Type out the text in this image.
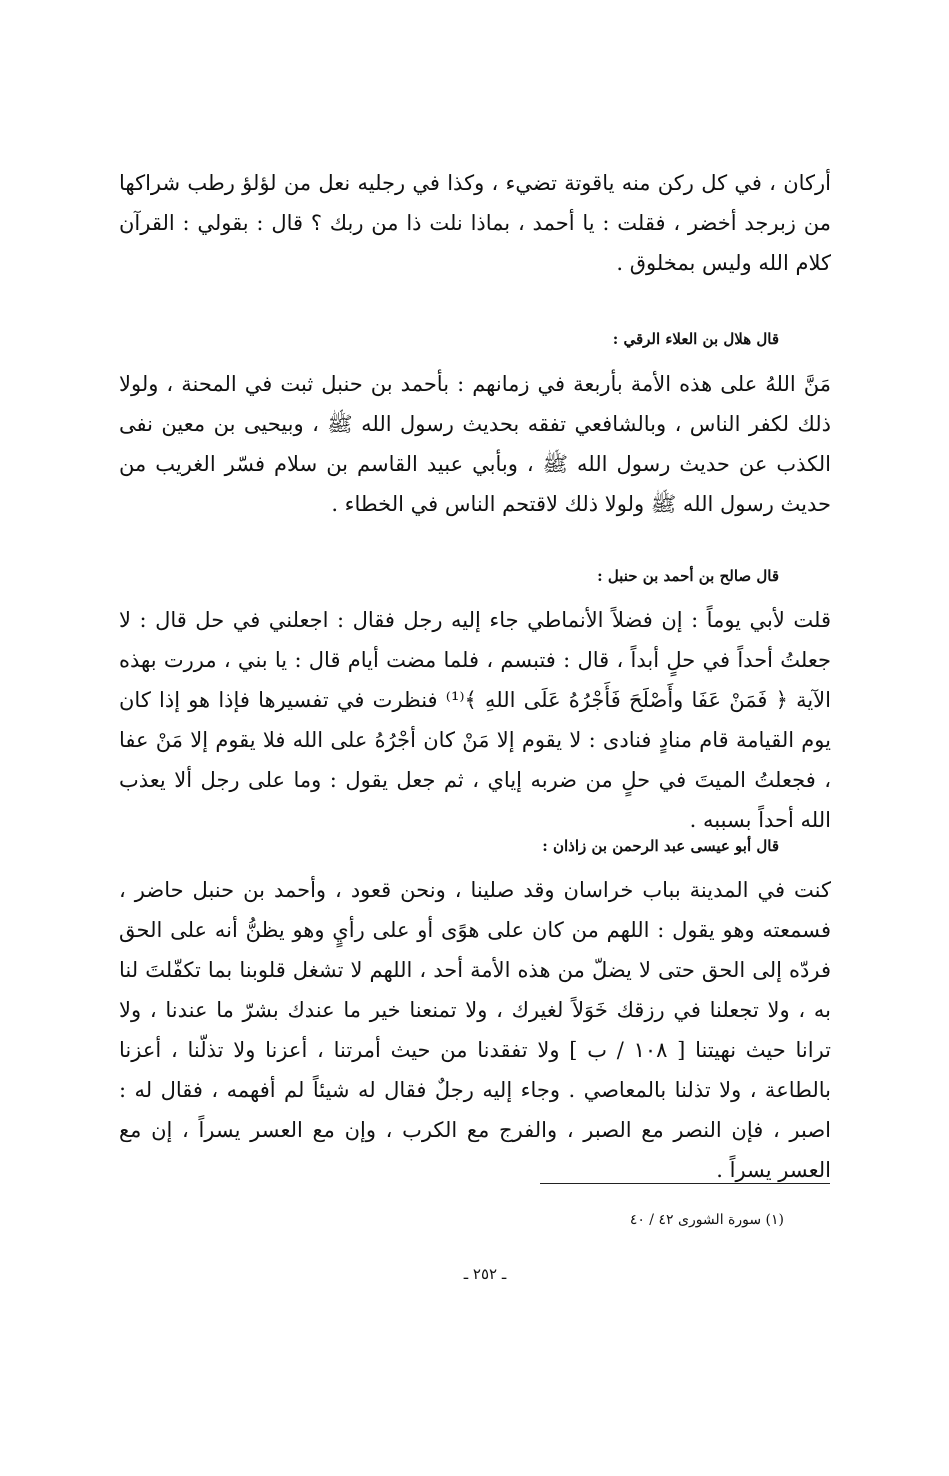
أركان ، في كل ركن منه ياقوتة تضيء ، وكذا في رجليه نعل من لؤلؤ رطب شراكها من زبرجد أخضر ، فقلت : يا أحمد ، بماذا نلت ذا من ربك ؟ قال : بقولي : القرآن كلام الله وليس بمخلوق .

قال هلال بن العلاء الرقي :

مَنَّ اللهُ على هذه الأمة بأربعة في زمانهم : بأحمد بن حنبل ثبت في المحنة ، ولولا ذلك لكفر الناس ، وبالشافعي تفقه بحديث رسول الله ﷺ ، وبيحيى بن معين نفى الكذب عن حديث رسول الله ﷺ ، وبأبي عبيد القاسم بن سلام فسّر الغريب من حديث رسول الله ﷺ ولولا ذلك لاقتحم الناس في الخطاء .

قال صالح بن أحمد بن حنبل :

قلت لأبي يوماً : إن فضلاً الأنماطي جاء إليه رجل فقال : اجعلني في حل قال : لا جعلتُ أحداً في حلٍ أبداً ، قال : فتبسم ، فلما مضت أيام قال : يا بني ، مررت بهذه الآية ﴿ فَمَنْ عَفَا وأَصْلَحَ فَأَجْرُهُ عَلَى اللهِ ﴾⁽¹⁾ فنظرت في تفسيرها فإذا هو إذا كان يوم القيامة قام منادٍ فنادى : لا يقوم إلا مَنْ كان أجْرُهُ على الله فلا يقوم إلا مَنْ عفا ، فجعلتُ الميتَ في حلٍ من ضربه إياي ، ثم جعل يقول : وما على رجل ألا يعذب الله أحداً بسببه .

قال أبو عيسى عبد الرحمن بن زاذان :

كنت في المدينة بباب خراسان وقد صلينا ، ونحن قعود ، وأحمد بن حنبل حاضر ، فسمعته وهو يقول : اللهم من كان على هوًى أو على رأيٍ وهو يظنُّ أنه على الحق فردّه إلى الحق حتى لا يضلّ من هذه الأمة أحد ، اللهم لا تشغل قلوبنا بما تكفّلتَ لنا به ، ولا تجعلنا في رزقك خَوَلاً لغيرك ، ولا تمنعنا خير ما عندك بشرّ ما عندنا ، ولا ترانا حيث نهيتنا [ ١٠٨ / ب ] ولا تفقدنا من حيث أمرتنا ، أعزنا ولا تذلّنا ، أعزنا بالطاعة ، ولا تذلنا بالمعاصي . وجاء إليه رجلٌ فقال له شيئاً لم أفهمه ، فقال له : اصبر ، فإن النصر مع الصبر ، والفرج مع الكرب ، وإن مع العسر يسراً ، إن مع العسر يسراً .

(١) سورة الشورى ٤٢ / ٤٠

ـ ٢٥٢ ـ
